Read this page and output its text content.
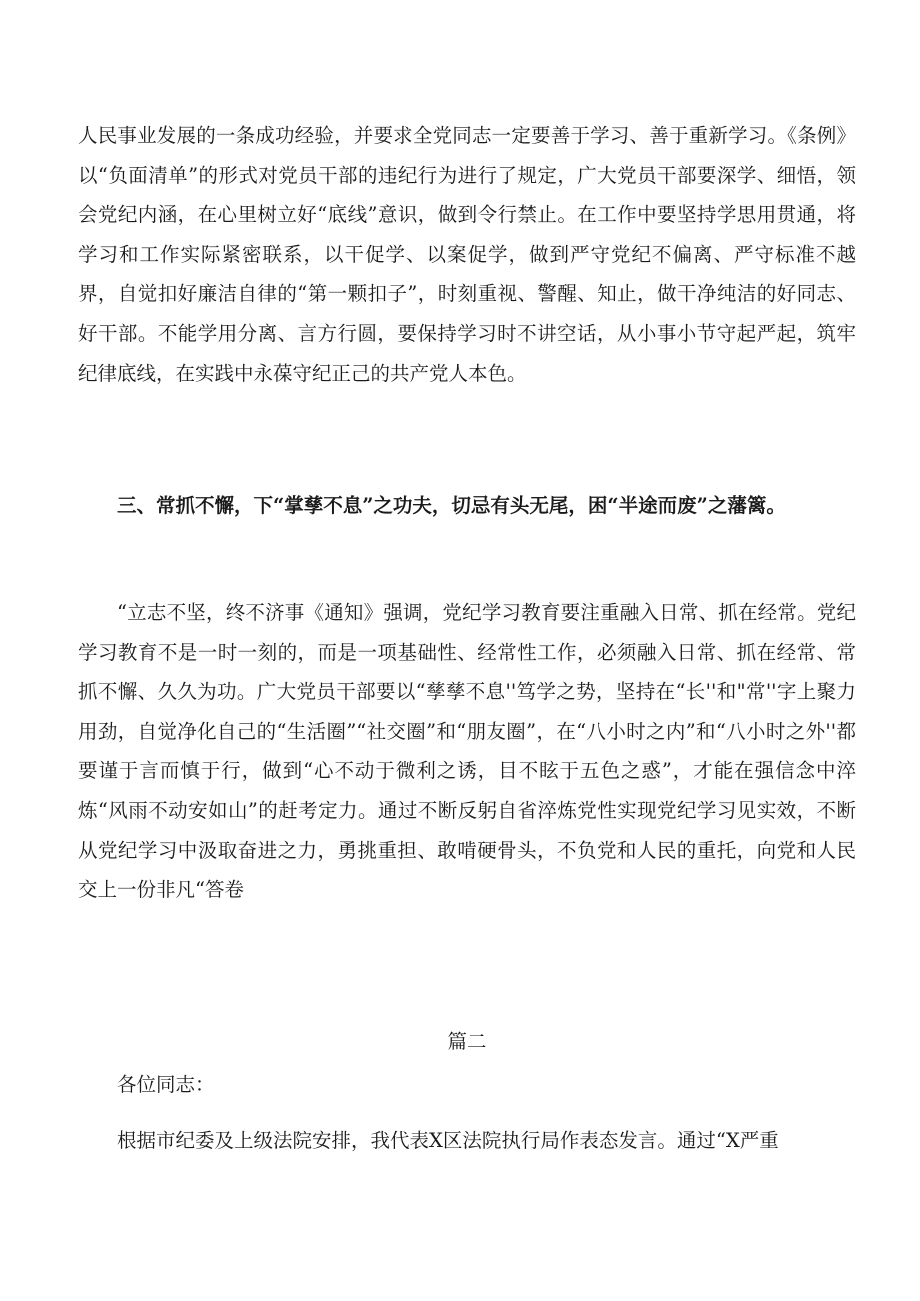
人民事业发展的一条成功经验，并要求全党同志一定要善于学习、善于重新学习。《条例》以“负面清单”的形式对党员干部的违纪行为进行了规定，广大党员干部要深学、细悟，领会党纪内涵，在心里树立好“底线”意识，做到令行禁止。在工作中要坚持学思用贯通，将学习和工作实际紧密联系，以干促学、以案促学，做到严守党纪不偏离、严守标准不越界，自觉扣好廉洁自律的“第一颗扣子”，时刻重视、警醒、知止，做干净纯洁的好同志、好干部。不能学用分离、言方行圆，要保持学习时不讲空话，从小事小节守起严起，筑牢纪律底线，在实践中永葆守纪正己的共产党人本色。

三、常抓不懈，下“掌孳不息”之功夫，切忌有头无尾，困“半途而废”之藩篱。

“立志不坚，终不济事《通知》强调，党纪学习教育要注重融入日常、抓在经常。党纪学习教育不是一时一刻的，而是一项基础性、经常性工作，必须融入日常、抓在经常、常抓不懈、久久为功。广大党员干部要以“孳孳不息''笃学之势，坚持在“长''和"常''字上聚力用劲，自觉净化自己的“生活圈”“社交圈”和“朋友圈”，在“八小时之内”和“八小时之外''都要谨于言而慎于行，做到“心不动于微利之诱，目不眩于五色之惑”，才能在强信念中淬炼“风雨不动安如山”的赶考定力。通过不断反躬自省淬炼党性实现党纪学习见实效，不断从党纪学习中汲取奋进之力，勇挑重担、敢啃硬骨头，不负党和人民的重托，向党和人民交上一份非凡“答卷

篇二

各位同志：

根据市纪委及上级法院安排，我代表X区法院执行局作表态发言。通过“X严重
